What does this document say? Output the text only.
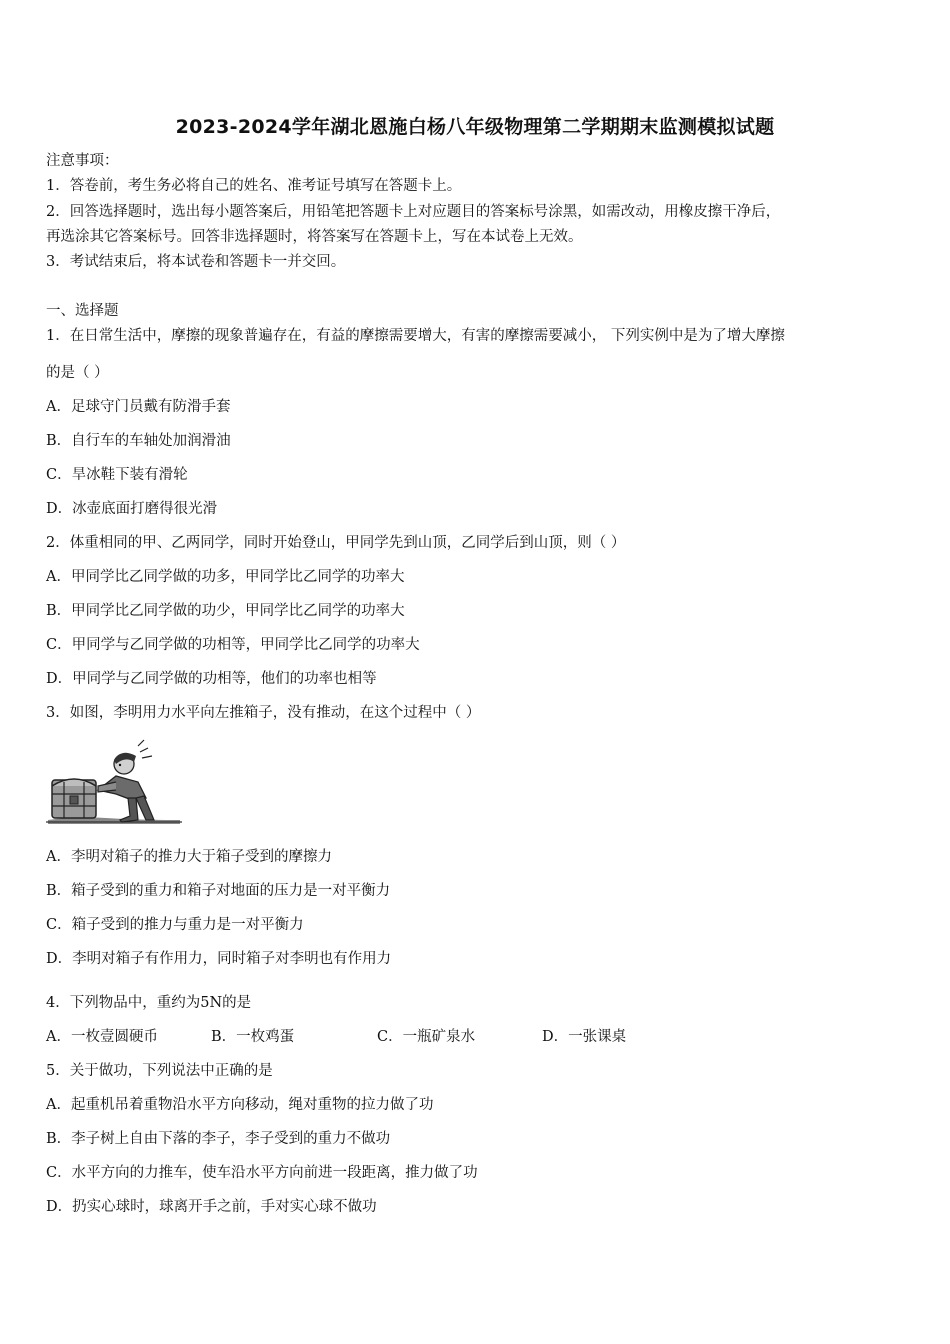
2023-2024学年湖北恩施白杨八年级物理第二学期期末监测模拟试题
注意事项：
1．答卷前，考生务必将自己的姓名、准考证号填写在答题卡上。
2．回答选择题时，选出每小题答案后，用铅笔把答题卡上对应题目的答案标号涂黑，如需改动，用橡皮擦干净后，
再选涂其它答案标号。回答非选择题时，将答案写在答题卡上，写在本试卷上无效。
3．考试结束后，将本试卷和答题卡一并交回。
一、选择题
1．在日常生活中，摩擦的现象普遍存在，有益的摩擦需要增大，有害的摩擦需要减小， 下列实例中是为了增大摩擦
的是（ ）
A．足球守门员戴有防滑手套
B．自行车的车轴处加润滑油
C．旱冰鞋下装有滑轮
D．冰壶底面打磨得很光滑
2．体重相同的甲、乙两同学，同时开始登山，甲同学先到山顶，乙同学后到山顶，则（ ）
A．甲同学比乙同学做的功多，甲同学比乙同学的功率大
B．甲同学比乙同学做的功少，甲同学比乙同学的功率大
C．甲同学与乙同学做的功相等，甲同学比乙同学的功率大
D．甲同学与乙同学做的功相等，他们的功率也相等
3．如图，李明用力水平向左推箱子，没有推动，在这个过程中（ ）
A．李明对箱子的推力大于箱子受到的摩擦力
B．箱子受到的重力和箱子对地面的压力是一对平衡力
C．箱子受到的推力与重力是一对平衡力
D．李明对箱子有作用力，同时箱子对李明也有作用力
4．下列物品中，重约为5N的是
A．一枚壹圆硬币	B．一枚鸡蛋	C．一瓶矿泉水	D．一张课桌
5．关于做功，下列说法中正确的是
A．起重机吊着重物沿水平方向移动，绳对重物的拉力做了功
B．李子树上自由下落的李子，李子受到的重力不做功
C．水平方向的力推车，使车沿水平方向前进一段距离，推力做了功
D．扔实心球时，球离开手之前，手对实心球不做功
